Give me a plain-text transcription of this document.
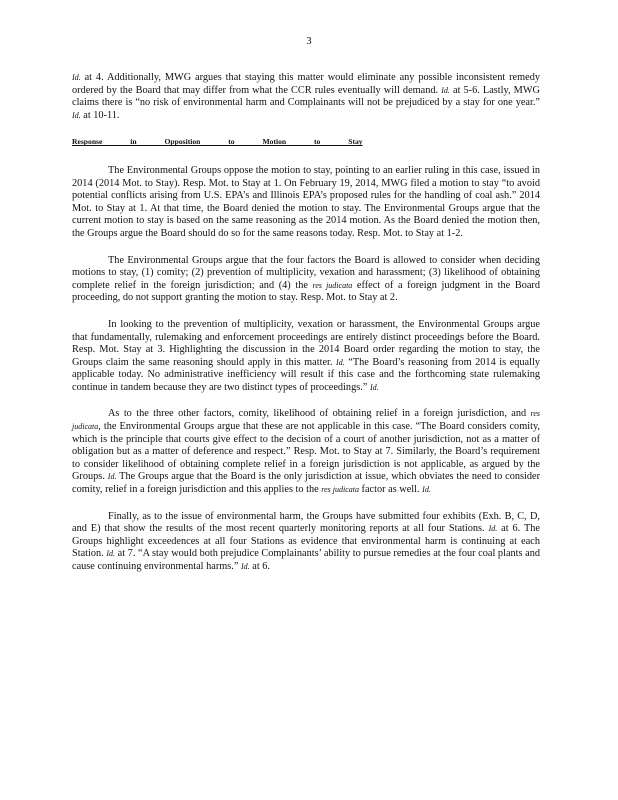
3

Id. at 4. Additionally, MWG argues that staying this matter would eliminate any possible inconsistent remedy ordered by the Board that may differ from what the CCR rules eventually will demand. Id. at 5-6. Lastly, MWG claims there is “no risk of environmental harm and Complainants will not be prejudiced by a stay for one year.” Id. at 10-11.

Response in Opposition to Motion to Stay

The Environmental Groups oppose the motion to stay, pointing to an earlier ruling in this case, issued in 2014 (2014 Mot. to Stay). Resp. Mot. to Stay at 1. On February 19, 2014, MWG filed a motion to stay “to avoid potential conflicts arising from U.S. EPA’s and Illinois EPA’s proposed rules for the handling of coal ash.” 2014 Mot. to Stay at 1. At that time, the Board denied the motion to stay. The Environmental Groups argue that the current motion to stay is based on the same reasoning as the 2014 motion. As the Board denied the motion then, the Groups argue the Board should do so for the same reasons today. Resp. Mot. to Stay at 1-2.

The Environmental Groups argue that the four factors the Board is allowed to consider when deciding motions to stay, (1) comity; (2) prevention of multiplicity, vexation and harassment; (3) likelihood of obtaining complete relief in the foreign jurisdiction; and (4) the res judicata effect of a foreign judgment in the Board proceeding, do not support granting the motion to stay. Resp. Mot. to Stay at 2.

In looking to the prevention of multiplicity, vexation or harassment, the Environmental Groups argue that fundamentally, rulemaking and enforcement proceedings are entirely distinct proceedings before the Board. Resp. Mot. Stay at 3. Highlighting the discussion in the 2014 Board order regarding the motion to stay, the Groups claim the same reasoning should apply in this matter. Id. “The Board’s reasoning from 2014 is equally applicable today. No administrative inefficiency will result if this case and the forthcoming state rulemaking continue in tandem because they are two distinct types of proceedings.” Id.

As to the three other factors, comity, likelihood of obtaining relief in a foreign jurisdiction, and res judicata, the Environmental Groups argue that these are not applicable in this case. “The Board considers comity, which is the principle that courts give effect to the decision of a court of another jurisdiction, not as a matter of obligation but as a matter of deference and respect.” Resp. Mot. to Stay at 7. Similarly, the Board’s requirement to consider likelihood of obtaining complete relief in a foreign jurisdiction is not applicable, as argued by the Groups. Id. The Groups argue that the Board is the only jurisdiction at issue, which obviates the need to consider comity, relief in a foreign jurisdiction and this applies to the res judicata factor as well. Id.

Finally, as to the issue of environmental harm, the Groups have submitted four exhibits (Exh. B, C, D, and E) that show the results of the most recent quarterly monitoring reports at all four Stations. Id. at 6. The Groups highlight exceedences at all four Stations as evidence that environmental harm is continuing at each Station. Id. at 7. “A stay would both prejudice Complainants’ ability to pursue remedies at the four coal plants and cause continuing environmental harms.” Id. at 6.
